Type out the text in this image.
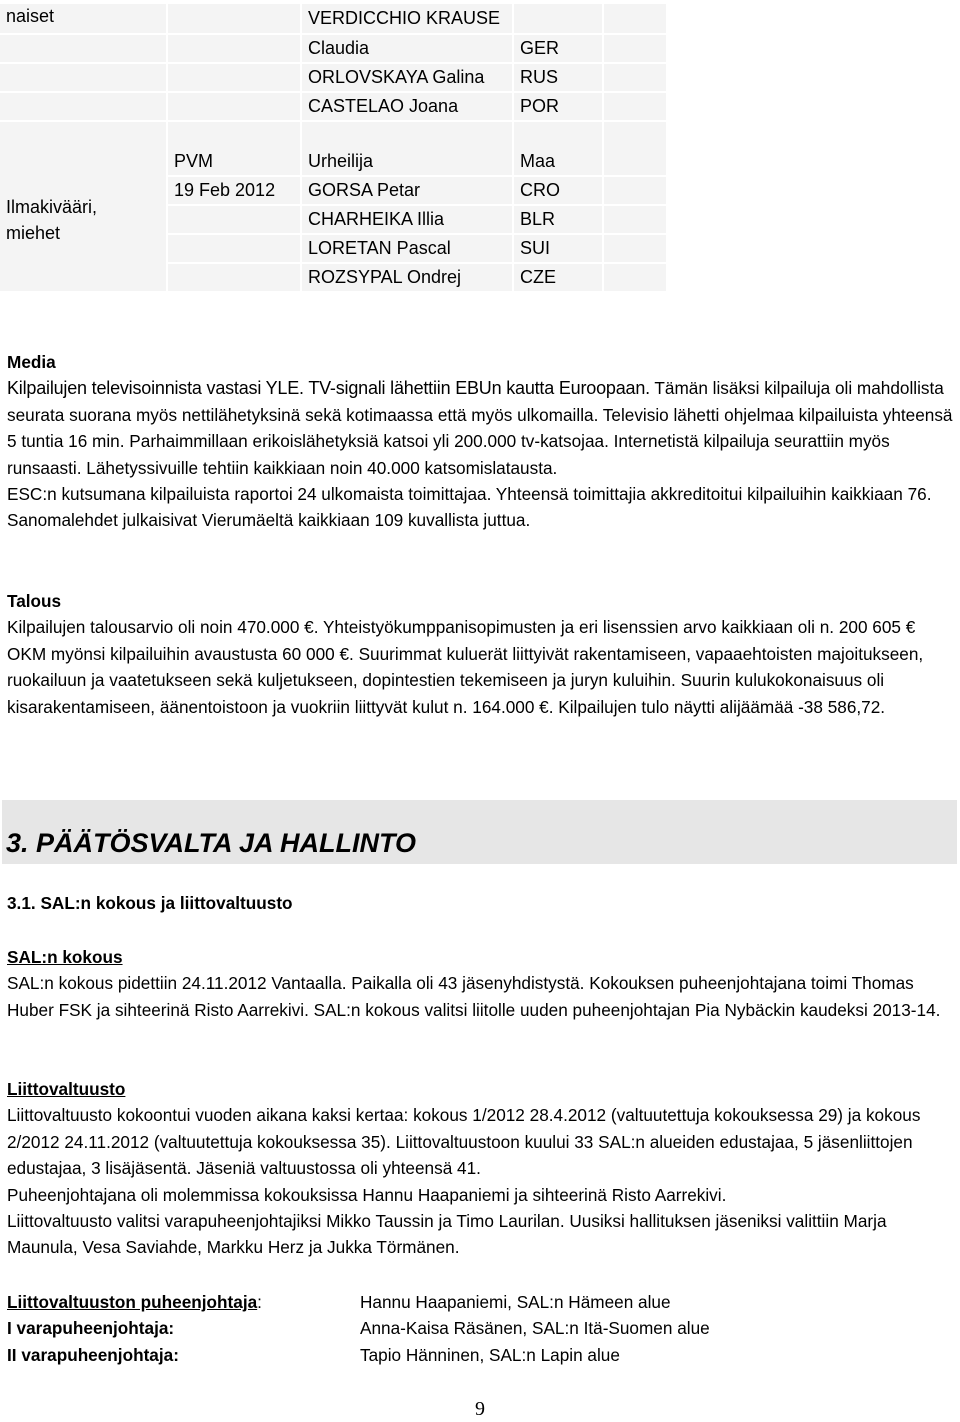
naiset		VERDICCHIO KRAUSE		
		Claudia	GER	
		ORLOVSKAYA Galina	RUS	
		CASTELAO Joana	POR	

Ilmakivääri, miehet	PVM	Urheilija	Maa	
	19 Feb 2012	GORSA Petar	CRO	
		CHARHEIKA Illia	BLR	
		LORETAN Pascal	SUI	
		ROZSYPAL Ondrej	CZE	

Media

Kilpailujen televisoinnista vastasi YLE. TV-signali lähettiin EBUn kautta Euroopaan. Tämän lisäksi kilpailuja oli mahdollista seurata suorana myös nettilähetyksinä sekä kotimaassa että myös ulkomailla. Televisio lähetti ohjelmaa kilpailuista yhteensä 5 tuntia 16 min. Parhaimmillaan erikoislähetyksiä katsoi yli 200.000 tv-katsojaa. Internetistä kilpailuja seurattiin myös runsaasti. Lähetyssivuille tehtiin kaikkiaan noin 40.000 katsomislatausta.

ESC:n kutsumana kilpailuista raportoi 24 ulkomaista toimittajaa. Yhteensä toimittajia akkreditoitui kilpailuihin kaikkiaan 76. Sanomalehdet julkaisivat Vierumäeltä kaikkiaan 109 kuvallista juttua.

Talous

Kilpailujen talousarvio oli noin 470.000 €. Yhteistyökumppanisopimusten ja eri lisenssien arvo kaikkiaan oli n. 200 605 € OKM myönsi kilpailuihin avaustusta 60 000 €. Suurimmat kuluerät liittyivät rakentamiseen, vapaaehtoisten majoitukseen, ruokailuun ja vaatetukseen sekä kuljetukseen, dopintestien tekemiseen ja juryn kuluihin. Suurin kulukokonaisuus oli kisarakentamiseen, äänentoistoon ja vuokriin liittyvät kulut n. 164.000 €. Kilpailujen tulo näytti alijäämää -38 586,72.

3. PÄÄTÖSVALTA JA HALLINTO
3.1. SAL:n kokous ja liittovaltuusto

SAL:n kokous

SAL:n kokous pidettiin 24.11.2012 Vantaalla. Paikalla oli 43 jäsenyhdistystä. Kokouksen puheenjohtajana toimi Thomas Huber FSK ja sihteerinä Risto Aarrekivi. SAL:n kokous valitsi liitolle uuden puheenjohtajan Pia Nybäckin kaudeksi 2013-14.

Liittovaltuusto

Liittovaltuusto kokoontui vuoden aikana kaksi kertaa: kokous 1/2012 28.4.2012 (valtuutettuja kokouksessa 29) ja kokous 2/2012 24.11.2012 (valtuutettuja kokouksessa 35). Liittovaltuustoon kuului 33 SAL:n alueiden edustajaa, 5 jäsenliittojen edustajaa, 3 lisäjäsentä. Jäseniä valtuustossa oli yhteensä 41.

Puheenjohtajana oli molemmissa kokouksissa Hannu Haapaniemi ja sihteerinä Risto Aarrekivi.

Liittovaltuusto valitsi varapuheenjohtajiksi Mikko Taussin ja Timo Laurilan. Uusiksi hallituksen jäseniksi valittiin Marja Maunula, Vesa Saviahde, Markku Herz ja Jukka Törmänen.

Liittovaltuuston puheenjohtaja:	Hannu Haapaniemi, SAL:n Hämeen alue
I varapuheenjohtaja:	Anna-Kaisa Räsänen, SAL:n Itä-Suomen alue
II varapuheenjohtaja:	Tapio Hänninen, SAL:n Lapin alue
9
